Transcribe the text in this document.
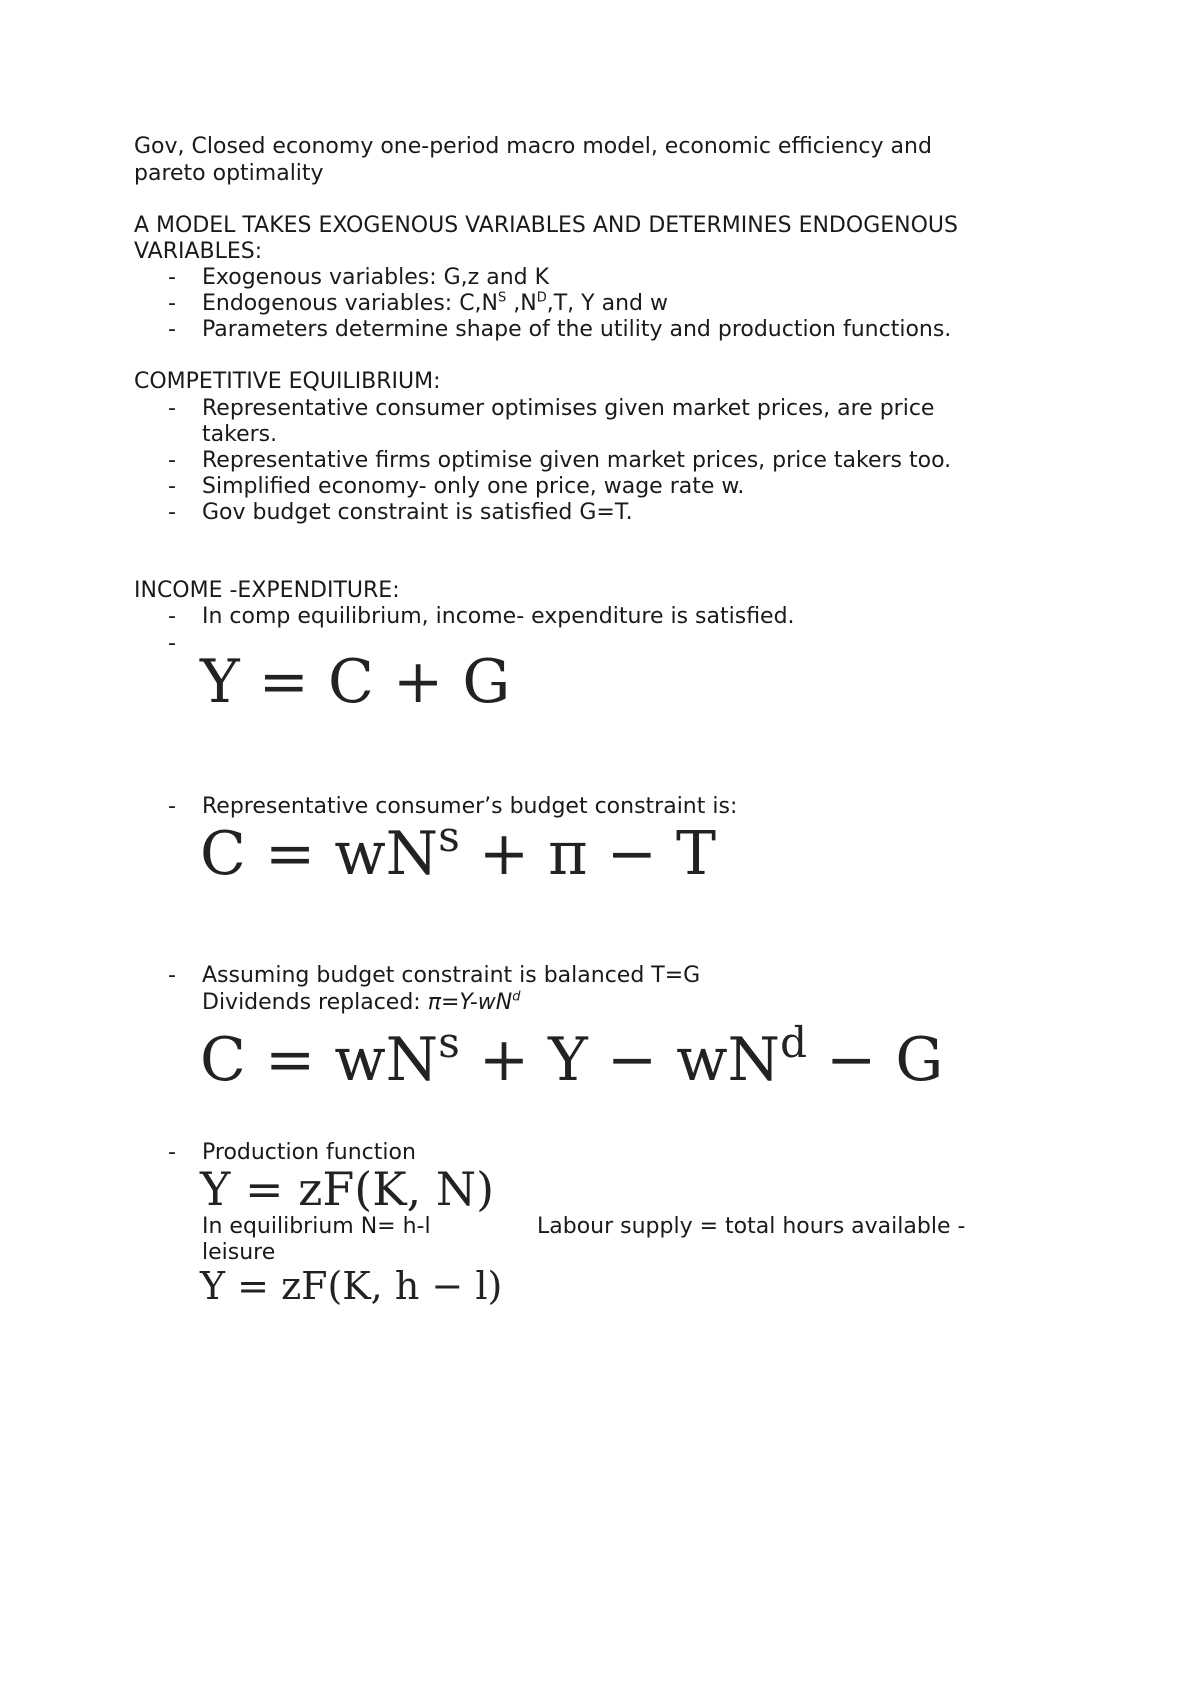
Gov, Closed economy one-period macro model, economic efficiency and
pareto optimality
A MODEL TAKES EXOGENOUS VARIABLES AND DETERMINES ENDOGENOUS
VARIABLES:
- Exogenous variables: G,z and K
- Endogenous variables: $C,N^S$ $,N^D,T$, Y and w
- Parameters determine shape of the utility and production functions.
COMPETITIVE EQUILIBRIUM:
- Representative consumer optimises given market prices, are price
takers.
- Representative firms optimise given market prices, price takers too.
- Simplified economy- only one price, wage rate w.
- Gov budget constraint is satisfied G=T.
INCOME -EXPENDITURE:
- In comp equilibrium, income- expenditure is satisfied.
-
Y = C + G
- Representative consumer’s budget constraint is:
$C = wN^s + \pi - T$
- Assuming budget constraint is balanced T=G
Dividends replaced: $\pi=Y-wN^d$
$C = wN^s + Y - wN^d - G$
- Production function
Y = zF(K, N)
In equilibrium N= h-l	Labour supply = total hours available -
leisure
Y = zF(K, h − l)
